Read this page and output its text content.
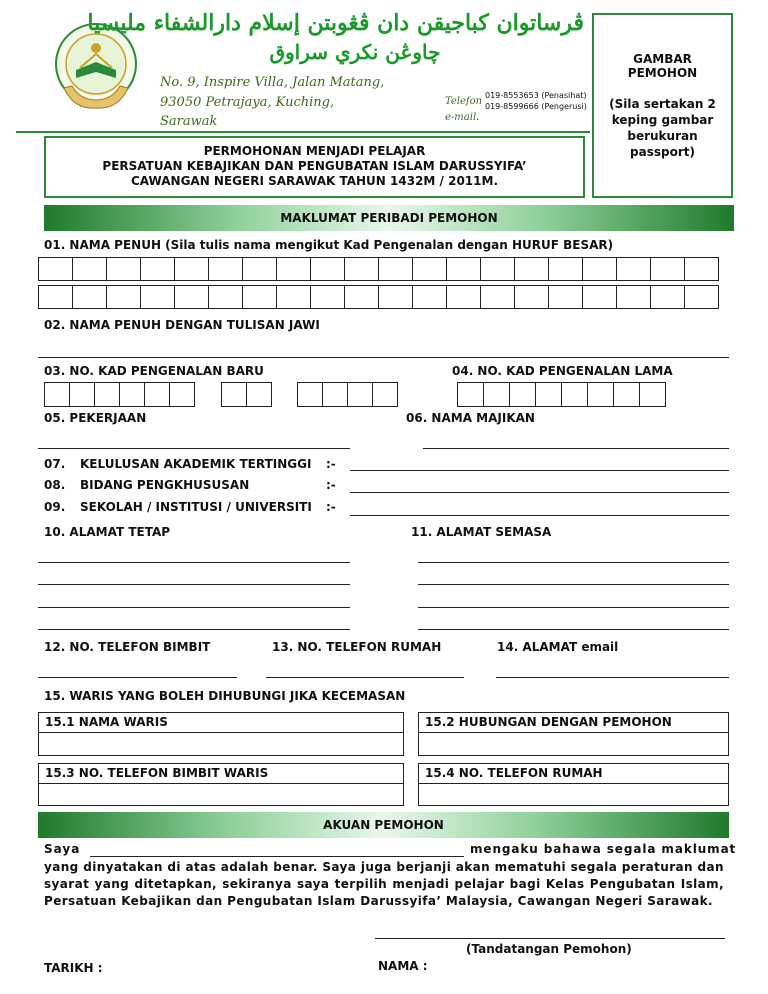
ڤرساتوان كباجيقن دان ڤڠوبتن إسلام دارالشفاء مليسيا
چاوڠن نكري سراوق
No. 9, Inspire Villa, Jalan Matang,
93050 Petrajaya, Kuching,
Sarawak
Telefon
e-mail
019-8553653 (Penasihat)
019-8599666 (Pengerusi)
.
GAMBAR
PEMOHON
(Sila sertakan 2 keping gambar berukuran passport)
PERMOHONAN MENJADI PELAJAR
PERSATUAN KEBAJIKAN DAN PENGUBATAN ISLAM DARUSSYIFA’
CAWANGAN NEGERI SARAWAK TAHUN 1432M / 2011M.
MAKLUMAT PERIBADI PEMOHON
01. NAMA PENUH (Sila tulis nama mengikut Kad Pengenalan dengan HURUF BESAR)
02. NAMA PENUH DENGAN TULISAN JAWI
03. NO. KAD PENGENALAN BARU	04. NO. KAD PENGENALAN LAMA
05. PEKERJAAN	06. NAMA MAJIKAN
07. KELULUSAN AKADEMIK TERTINGGI :-
08. BIDANG PENGKHUSUSAN	:-
09. SEKOLAH / INSTITUSI / UNIVERSITI :-
10. ALAMAT TETAP	11. ALAMAT SEMASA
12. NO. TELEFON BIMBIT	13. NO. TELEFON RUMAH	14. ALAMAT email
15. WARIS YANG BOLEH DIHUBUNGI JIKA KECEMASAN
15.1 NAMA WARIS	15.2 HUBUNGAN DENGAN PEMOHON
15.3 NO. TELEFON BIMBIT WARIS	15.4 NO. TELEFON RUMAH
AKUAN PEMOHON
Saya	mengaku bahawa segala maklumat
yang dinyatakan di atas adalah benar. Saya juga berjanji akan mematuhi segala peraturan dan syarat yang ditetapkan, sekiranya saya terpilih menjadi pelajar bagi Kelas Pengubatan Islam, Persatuan Kebajikan dan Pengubatan Islam Darussyifa’ Malaysia, Cawangan Negeri Sarawak.
(Tandatangan Pemohon)
TARIKH :	NAMA :
